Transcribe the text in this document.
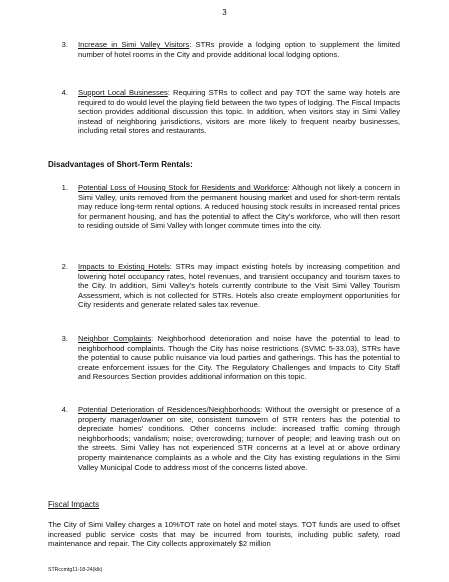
3
3. Increase in Simi Valley Visitors: STRs provide a lodging option to supplement the limited number of hotel rooms in the City and provide additional local lodging options.
4. Support Local Businesses: Requiring STRs to collect and pay TOT the same way hotels are required to do would level the playing field between the two types of lodging. The Fiscal Impacts section provides additional discussion this topic. In addition, when visitors stay in Simi Valley instead of neighboring jurisdictions, visitors are more likely to frequent nearby businesses, including retail stores and restaurants.
Disadvantages of Short-Term Rentals:
1. Potential Loss of Housing Stock for Residents and Workforce: Although not likely a concern in Simi Valley, units removed from the permanent housing market and used for short-term rentals may reduce long-term rental options. A reduced housing stock results in increased rental prices for permanent housing, and has the potential to affect the City’s workforce, who will then resort to residing outside of Simi Valley with longer commute times into the city.
2. Impacts to Existing Hotels: STRs may impact existing hotels by increasing competition and lowering hotel occupancy rates, hotel revenues, and transient occupancy and tourism taxes to the City. In addition, Simi Valley’s hotels currently contribute to the Visit Simi Valley Tourism Assessment, which is not collected for STRs. Hotels also create employment opportunities for City residents and generate related sales tax revenue.
3. Neighbor Complaints: Neighborhood deterioration and noise have the potential to lead to neighborhood complaints. Though the City has noise restrictions (SVMC 5-33.03), STRs have the potential to cause public nuisance via loud parties and gatherings. This has the potential to create enforcement issues for the City. The Regulatory Challenges and Impacts to City Staff and Resources Section provides additional information on this topic.
4. Potential Deterioration of Residences/Neighborhoods: Without the oversight or presence of a property manager/owner on site, consistent turnovern of STR renters has the potential to depreciate homes’ conditions. Other concerns include: increased traffic coming through neighborhoods; vandalism; noise; overcrowding; turnover of people; and leaving trash out on the streets. Simi Valley has not experienced STR concerns at a level at or above ordinary property maintenance complaints as a whole and the City has existing regulations in the Simi Valley Municipal Code to address most of the concerns listed above.
Fiscal Impacts
The City of Simi Valley charges a 10%TOT rate on hotel and motel stays. TOT funds are used to offset increased public service costs that may be incurred from tourists, including public safety, road maintenance and repair. The City collects approximately $2 million
STRccmtg11-18-24(klk)
